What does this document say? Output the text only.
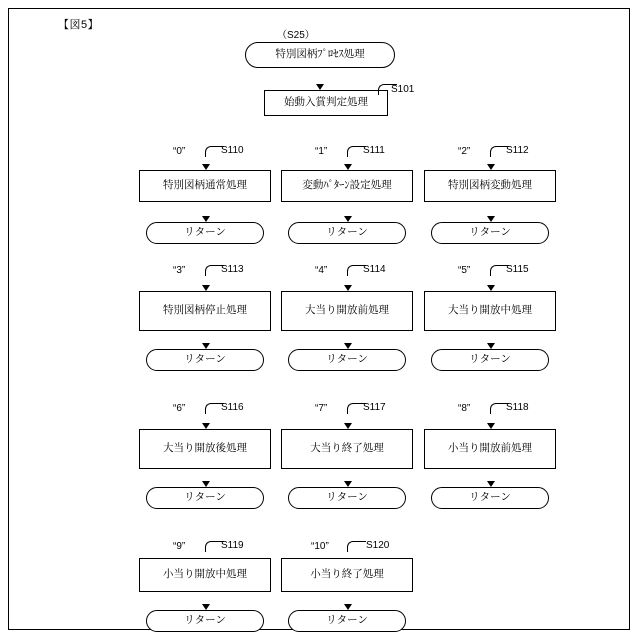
【図5】
（S25）
特別図柄ﾌﾟﾛｾｽ処理
始動入賞判定処理
S101
“0”	S110
特別図柄通常処理
リターン
“1”	S111
変動ﾊﾟﾀｰﾝ設定処理
リターン
“2”	S112
特別図柄変動処理
リターン
“3”	S113
特別図柄停止処理
リターン
“4”	S114
大当り開放前処理
リターン
“5”	S115
大当り開放中処理
リターン
“6”	S116
大当り開放後処理
リターン
“7”	S117
大当り終了処理
リターン
“8”	S118
小当り開放前処理
リターン
“9”	S119
小当り開放中処理
リターン
“10”	S120
小当り終了処理
リターン
